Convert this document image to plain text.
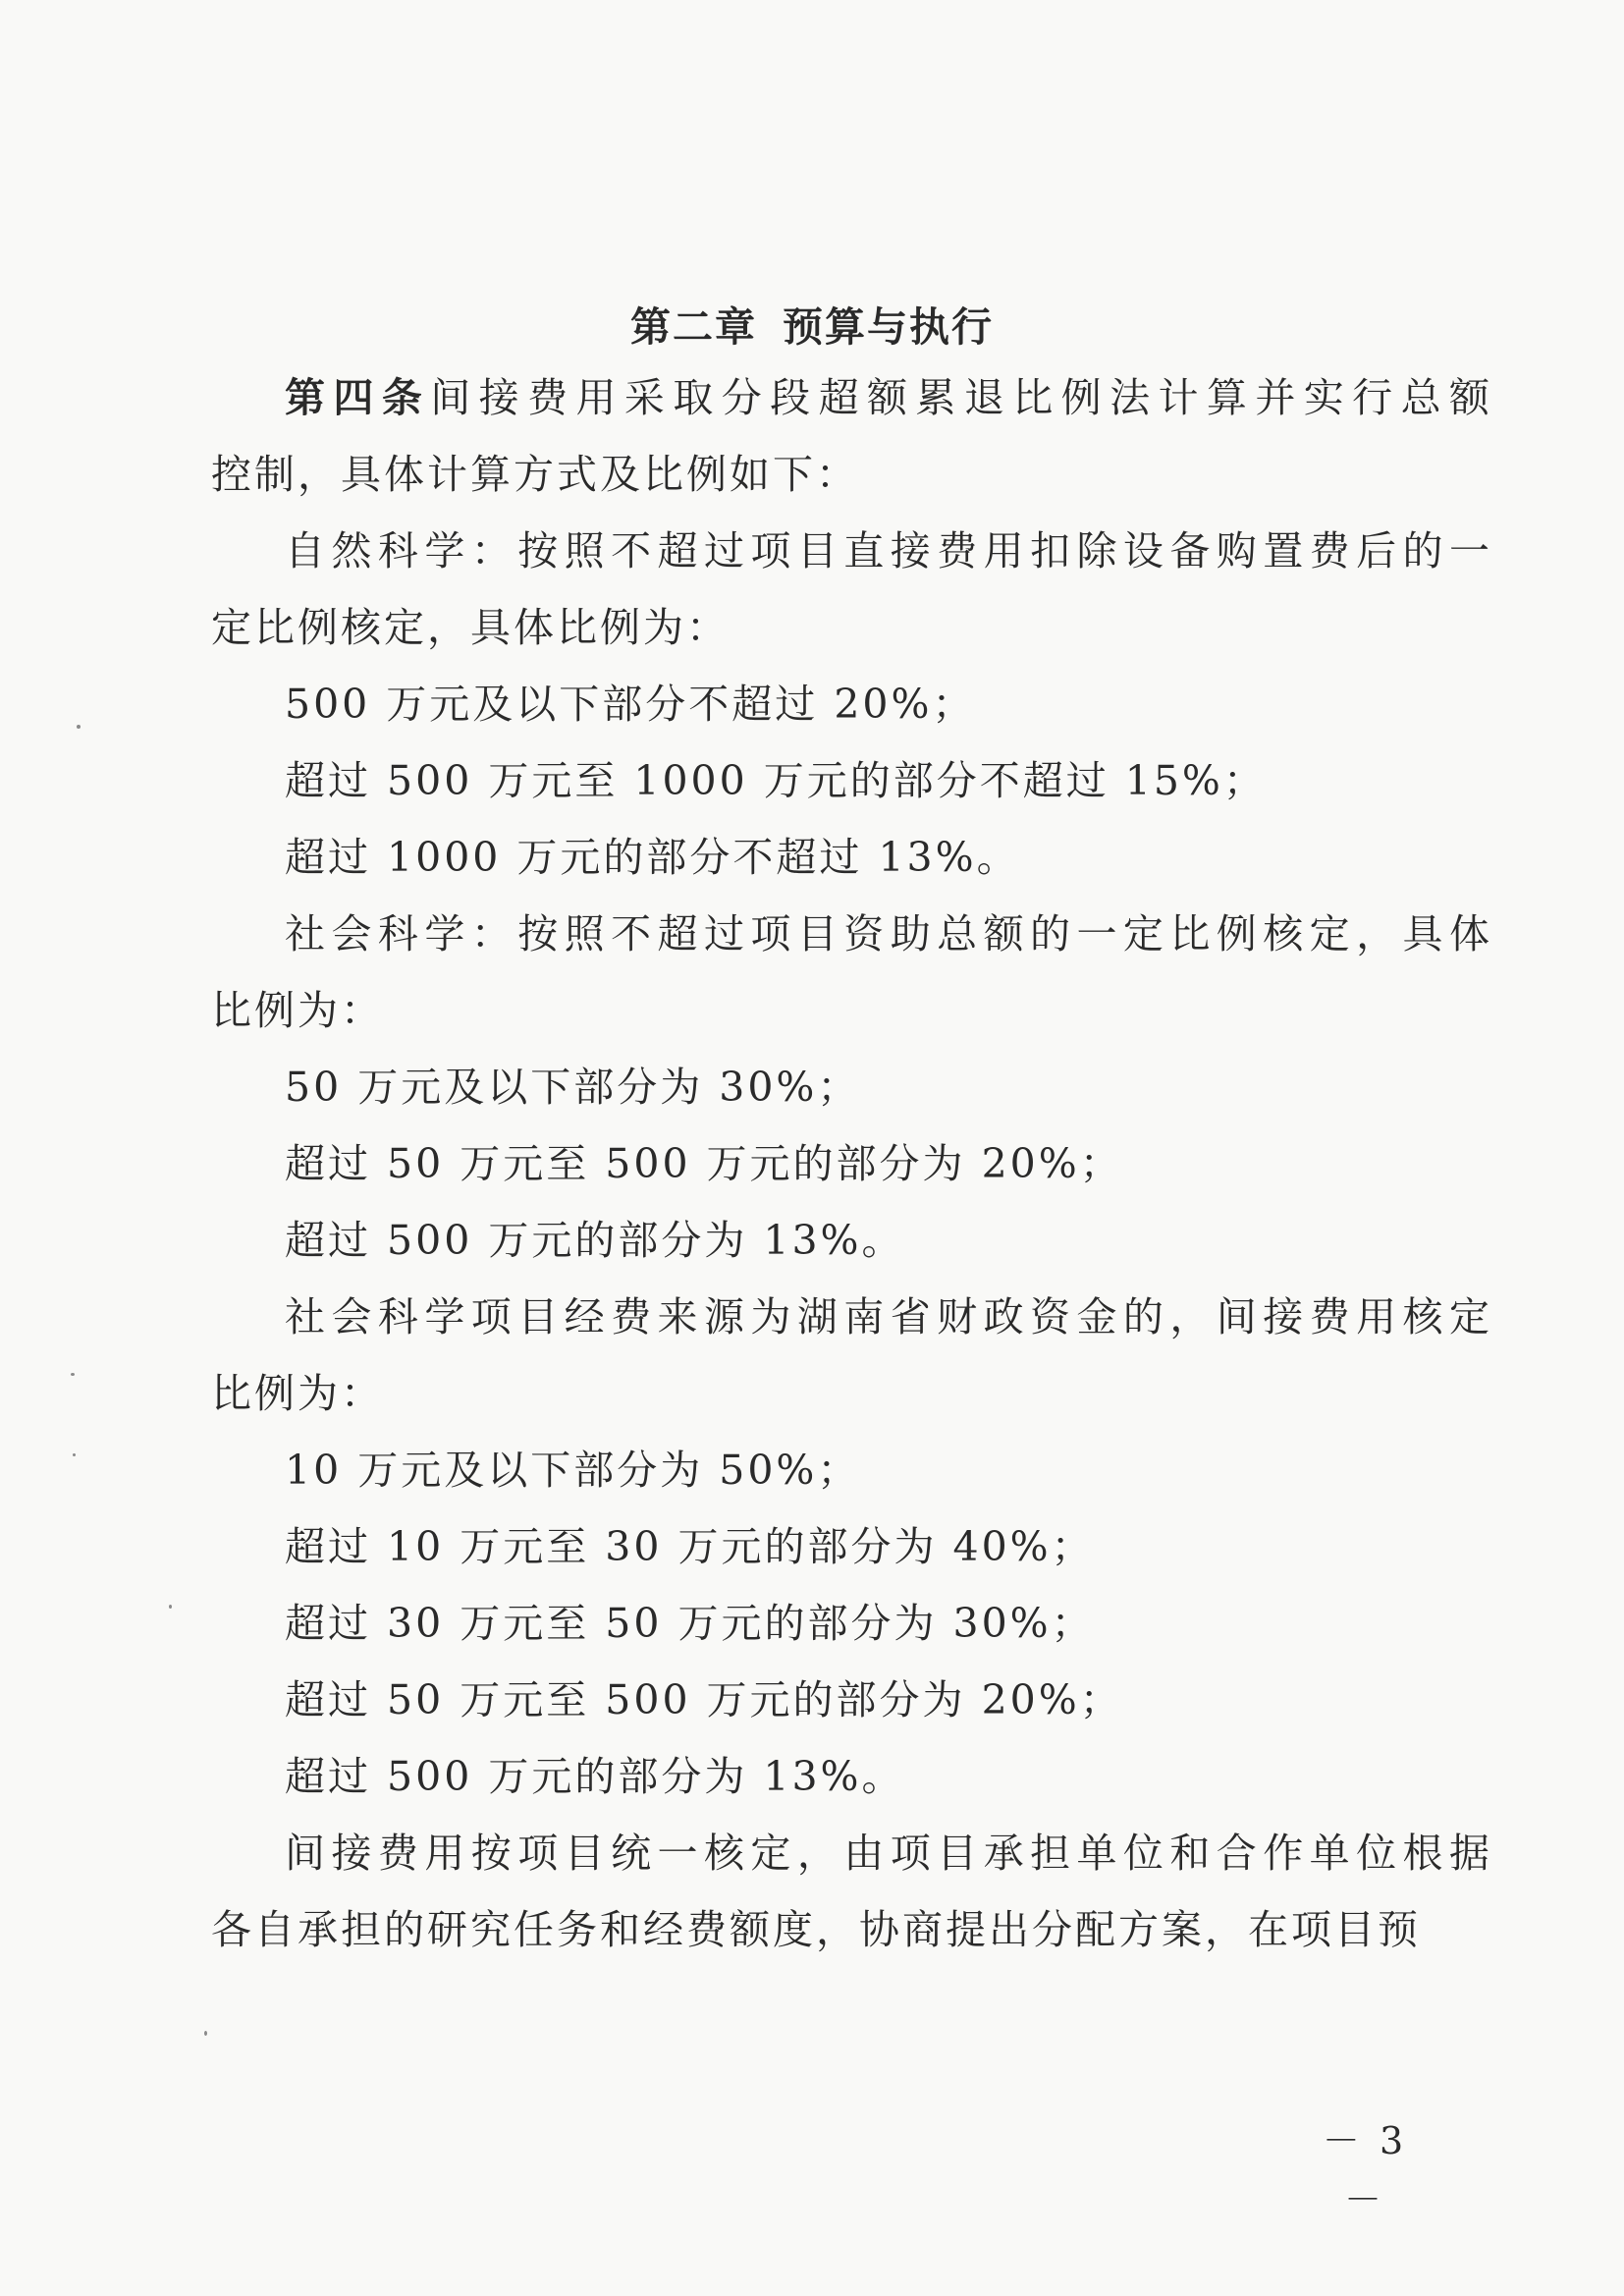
第二章 预算与执行
第四条间接费用采取分段超额累退比例法计算并实行总额
控制，具体计算方式及比例如下：
自然科学：按照不超过项目直接费用扣除设备购置费后的一
定比例核定，具体比例为：
500 万元及以下部分不超过 20%；
超过 500 万元至 1000 万元的部分不超过 15%；
超过 1000 万元的部分不超过 13%。
社会科学：按照不超过项目资助总额的一定比例核定，具体
比例为：
50 万元及以下部分为 30%；
超过 50 万元至 500 万元的部分为 20%；
超过 500 万元的部分为 13%。
社会科学项目经费来源为湖南省财政资金的，间接费用核定
比例为：
10 万元及以下部分为 50%；
超过 10 万元至 30 万元的部分为 40%；
超过 30 万元至 50 万元的部分为 30%；
超过 50 万元至 500 万元的部分为 20%；
超过 500 万元的部分为 13%。
间接费用按项目统一核定，由项目承担单位和合作单位根据
各自承担的研究任务和经费额度，协商提出分配方案，在项目预
－ 3 －
